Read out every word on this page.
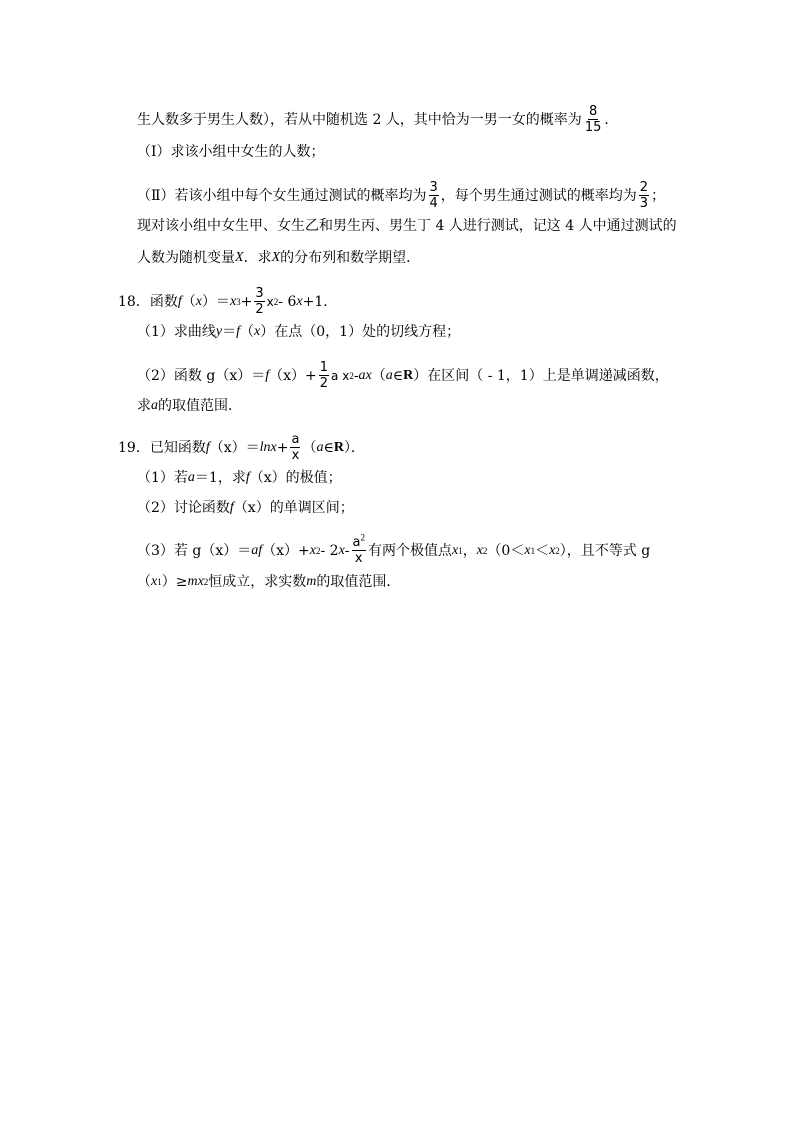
生人数多于男生人数），若从中随机选 2 人，其中恰为一男一女的概率为 $\frac{8}{15}$ ．
（Ⅰ）求该小组中女生的人数；
（Ⅱ）若该小组中每个女生通过测试的概率均为 $\frac{3}{4}$ ，每个男生通过测试的概率均为 $\frac{2}{3}$ ；
现对该小组中女生甲、女生乙和男生丙、男生丁 4 人进行测试，记这 4 人中通过测试的
人数为随机变量 X ．求 X 的分布列和数学期望．
18．函数 f （ x ）＝ x $3 + \frac{3}{2}$ x 2 - 6 x +1．
（1）求曲线 y ＝ f （ x ）在点（0，1）处的切线方程；
（2）函数 g（x）＝ f $(x)+ \frac{1}{2}$ a x 2 - ax （ a ∈ R ）在区间（ - 1，1）上是单调递减函数，
求 a 的取值范围．
19．已知函数 f $(x)= \ln x + \frac{a}{x}$ （ a ∈ R ）．
（1）若 a ＝1，求 f （x）的极值；
（2）讨论函数 f （x）的单调区间；
（3）若 g（x）＝ af （x）+ x 2 - 2 x - $\frac{a^2}{x}$ 有两个极值点 x 1 ， x 2 （0＜ x 1 ＜ x 2 ），且不等式 g
（ x 1 ）≥ mx 2 恒成立，求实数 m 的取值范围．
